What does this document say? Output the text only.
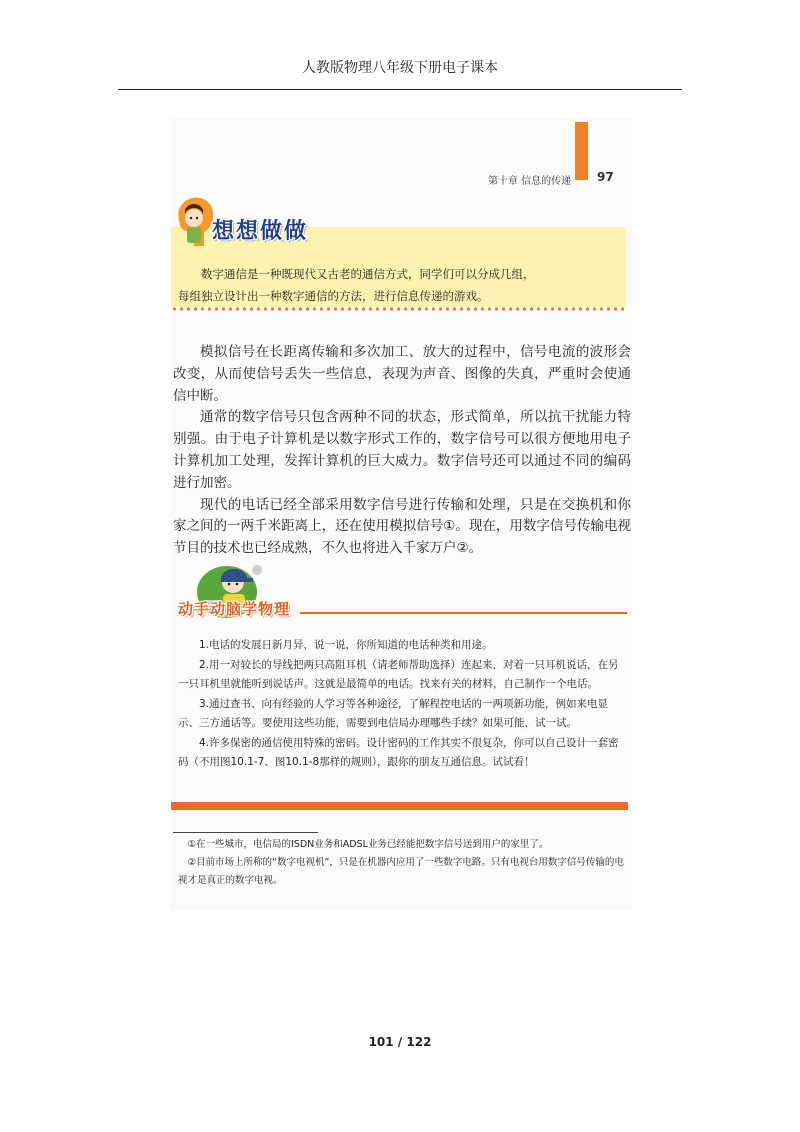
人教版物理八年级下册电子课本
第十章 信息的传递 97
想想做做

数字通信是一种既现代又古老的通信方式，同学们可以分成几组，

每组独立设计出一种数字通信的方法，进行信息传递的游戏。

模拟信号在长距离传输和多次加工、放大的过程中，信号电流的波形会改变，从而使信号丢失一些信息，表现为声音、图像的失真，严重时会使通信中断。

通常的数字信号只包含两种不同的状态，形式简单，所以抗干扰能力特别强。由于电子计算机是以数字形式工作的，数字信号可以很方便地用电子计算机加工处理，发挥计算机的巨大威力。数字信号还可以通过不同的编码进行加密。

现代的电话已经全部采用数字信号进行传输和处理，只是在交换机和你家之间的一两千米距离上，还在使用模拟信号①。现在，用数字信号传输电视节目的技术也已经成熟，不久也将进入千家万户②。

动手动脑学物理

1.电话的发展日新月异，说一说，你所知道的电话种类和用途。

2.用一对较长的导线把两只高阻耳机（请老师帮助选择）连起来，对着一只耳机说话，在另一只耳机里就能听到说话声。这就是最简单的电话。找来有关的材料，自己制作一个电话。

3.通过查书、向有经验的人学习等各种途径，了解程控电话的一两项新功能，例如来电显示、三方通话等。要使用这些功能，需要到电信局办理哪些手续？如果可能，试一试。

4.许多保密的通信使用特殊的密码。设计密码的工作其实不很复杂，你可以自己设计一套密码（不用图10.1-7、图10.1-8那样的规则），跟你的朋友互通信息。试试看！

①在一些城市，电信局的ISDN业务和ADSL业务已经能把数字信号送到用户的家里了。

②目前市场上所称的“数字电视机”，只是在机器内应用了一些数字电路。只有电视台用数字信号传输的电视才是真正的数字电视。

101 / 122
